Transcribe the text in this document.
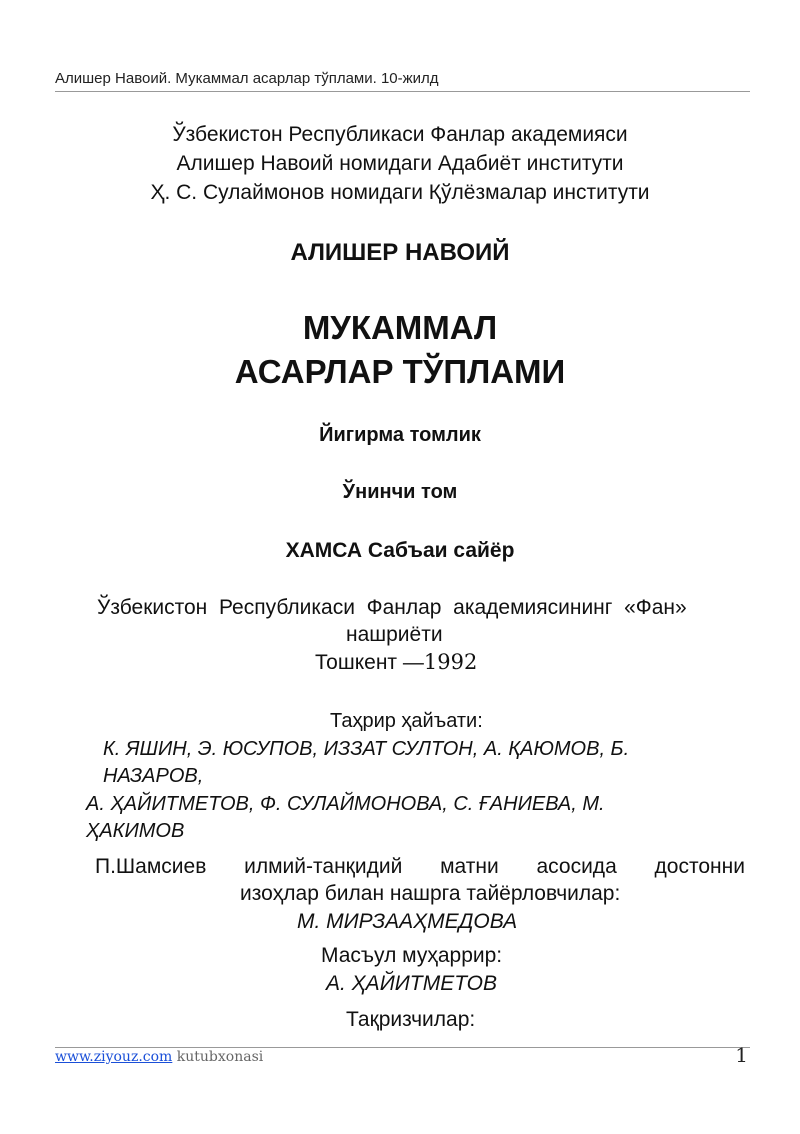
Алишер Навоий. Мукаммал асарлар тўплами. 10-жилд
Ўзбекистон Республикаси Фанлар академияси
Алишер Навоий номидаги Адабиёт институти
Ҳ. С. Сулаймонов номидаги Қўлёзмалар институти
АЛИШЕР НАВОИЙ
МУКАММАЛ
АСАРЛАР ТЎПЛАМИ
Йигирма томлик
Ўнинчи том
ХАМСА Сабъаи сайёр
Ўзбекистон  Республикаси  Фанлар  академиясининг  «Фан»
нашриёти
Тошкент —1992
Таҳрир ҳайъати:
К. ЯШИН, Э. ЮСУПОВ, ИЗЗАТ СУЛТОН, А. ҚАЮМОВ, Б.
НАЗАРОВ,
А. ҲАЙИТМЕТОВ, Ф. СУЛАЙМОНОВА, С. ҒАНИЕВА, М.
ҲАКИМОВ
П.Шамсиев илмий-танқидий матни асосида достонни
изоҳлар билан нашрга тайёрловчилар:
М. МИРЗААҲМЕДОВА
Масъул муҳаррир:
А. ҲАЙИТМЕТОВ
Тақризчилар:
www.ziyouz.com kutubxonasi	1
